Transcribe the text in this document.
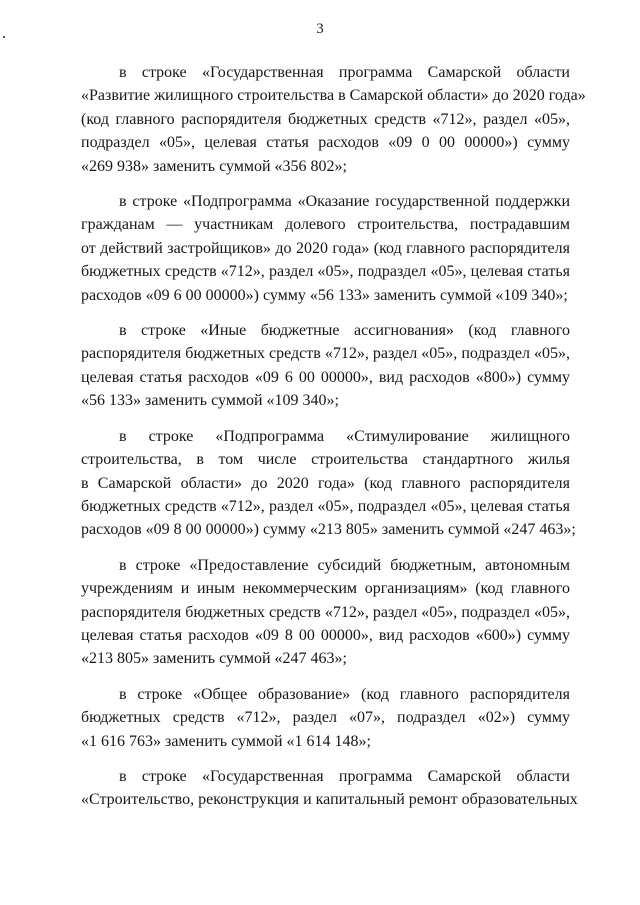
3
в строке «Государственная программа Самарской области
«Развитие жилищного строительства в Самарской области» до 2020 года»
(код главного распорядителя бюджетных средств «712», раздел «05»,
подраздел «05», целевая статья расходов «09 0 00 00000») сумму
«269 938» заменить суммой «356 802»;
в строке «Подпрограмма «Оказание государственной поддержки
гражданам — участникам долевого строительства, пострадавшим
от действий застройщиков» до 2020 года» (код главного распорядителя
бюджетных средств «712», раздел «05», подраздел «05», целевая статья
расходов «09 6 00 00000») сумму «56 133» заменить суммой «109 340»;
в строке «Иные бюджетные ассигнования» (код главного
распорядителя бюджетных средств «712», раздел «05», подраздел «05»,
целевая статья расходов «09 6 00 00000», вид расходов «800») сумму
«56 133» заменить суммой «109 340»;
в строке «Подпрограмма «Стимулирование жилищного
строительства, в том числе строительства стандартного жилья
в Самарской области» до 2020 года» (код главного распорядителя
бюджетных средств «712», раздел «05», подраздел «05», целевая статья
расходов «09 8 00 00000») сумму «213 805» заменить суммой «247 463»;
в строке «Предоставление субсидий бюджетным, автономным
учреждениям и иным некоммерческим организациям» (код главного
распорядителя бюджетных средств «712», раздел «05», подраздел «05»,
целевая статья расходов «09 8 00 00000», вид расходов «600») сумму
«213 805» заменить суммой «247 463»;
в строке «Общее образование» (код главного распорядителя
бюджетных средств «712», раздел «07», подраздел «02») сумму
«1 616 763» заменить суммой «1 614 148»;
в строке «Государственная программа Самарской области
«Строительство, реконструкция и капитальный ремонт образовательных
